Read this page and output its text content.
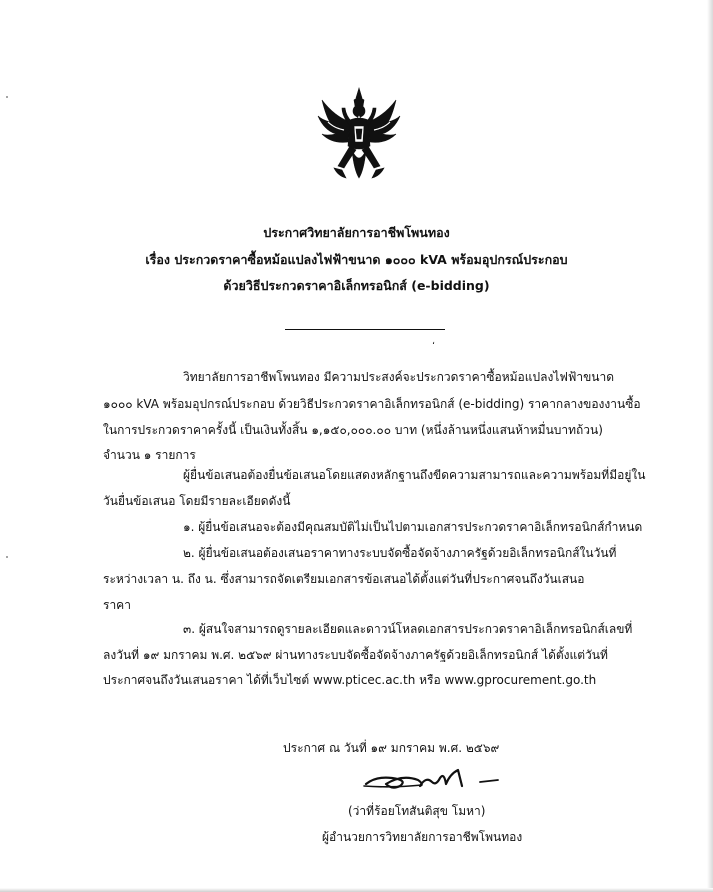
ประกาศวิทยาลัยการอาชีพโพนทอง
เรื่อง ประกวดราคาซื้อหม้อแปลงไฟฟ้าขนาด ๑๐๐๐ kVA พร้อมอุปกรณ์ประกอบ
ด้วยวิธีประกวดราคาอิเล็กทรอนิกส์ (e-bidding)
،
วิทยาลัยการอาชีพโพนทอง มีความประสงค์จะประกวดราคาซื้อหม้อแปลงไฟฟ้าขนาด
๑๐๐๐ kVA พร้อมอุปกรณ์ประกอบ ด้วยวิธีประกวดราคาอิเล็กทรอนิกส์ (e-bidding) ราคากลางของงานซื้อ
ในการประกวดราคาครั้งนี้ เป็นเงินทั้งสิ้น ๑,๑๕๐,๐๐๐.๐๐ บาท (หนึ่งล้านหนึ่งแสนห้าหมื่นบาทถ้วน)
จำนวน ๑ รายการ
ผู้ยื่นข้อเสนอต้องยื่นข้อเสนอโดยแสดงหลักฐานถึงขีดความสามารถและความพร้อมที่มีอยู่ใน
วันยื่นข้อเสนอ โดยมีรายละเอียดดังนี้
๑. ผู้ยื่นข้อเสนอจะต้องมีคุณสมบัติไม่เป็นไปตามเอกสารประกวดราคาอิเล็กทรอนิกส์กำหนด
๒. ผู้ยื่นข้อเสนอต้องเสนอราคาทางระบบจัดซื้อจัดจ้างภาครัฐด้วยอิเล็กทรอนิกส์ในวันที่
ระหว่างเวลา น. ถึง น. ซึ่งสามารถจัดเตรียมเอกสารข้อเสนอได้ตั้งแต่วันที่ประกาศจนถึงวันเสนอ
ราคา
๓. ผู้สนใจสามารถดูรายละเอียดและดาวน์โหลดเอกสารประกวดราคาอิเล็กทรอนิกส์เลขที่
ลงวันที่ ๑๙ มกราคม พ.ศ. ๒๕๖๙ ผ่านทางระบบจัดซื้อจัดจ้างภาครัฐด้วยอิเล็กทรอนิกส์ ได้ตั้งแต่วันที่
ประกาศจนถึงวันเสนอราคา ได้ที่เว็บไซต์ www.pticec.ac.th หรือ www.gprocurement.go.th
ประกาศ ณ วันที่ ๑๙ มกราคม พ.ศ. ๒๕๖๙
(ว่าที่ร้อยโทสันติสุข โมหา)
ผู้อำนวยการวิทยาลัยการอาชีพโพนทอง
